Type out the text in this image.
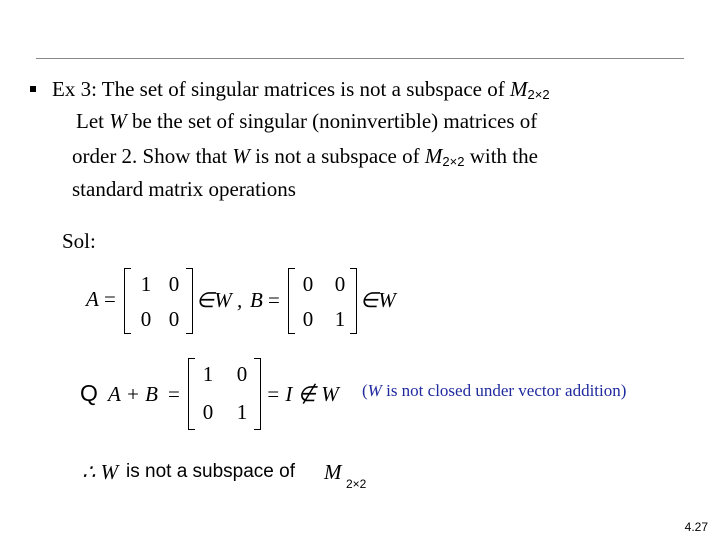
Ex 3: The set of singular matrices is not a subspace of $M_{2\times 2}$
Let W be the set of singular (noninvertible) matrices of
order 2. Show that W is not a subspace of $M_{2\times 2}$ with the
standard matrix operations
Sol:
A =
1 0
0 0
∈W , B =
0 0
0 1
∈W
Q A + B =
1 0
0 1
= I ∉ W (W is not closed under vector addition)
∴ W is not a subspace of M 2×2
4.27
